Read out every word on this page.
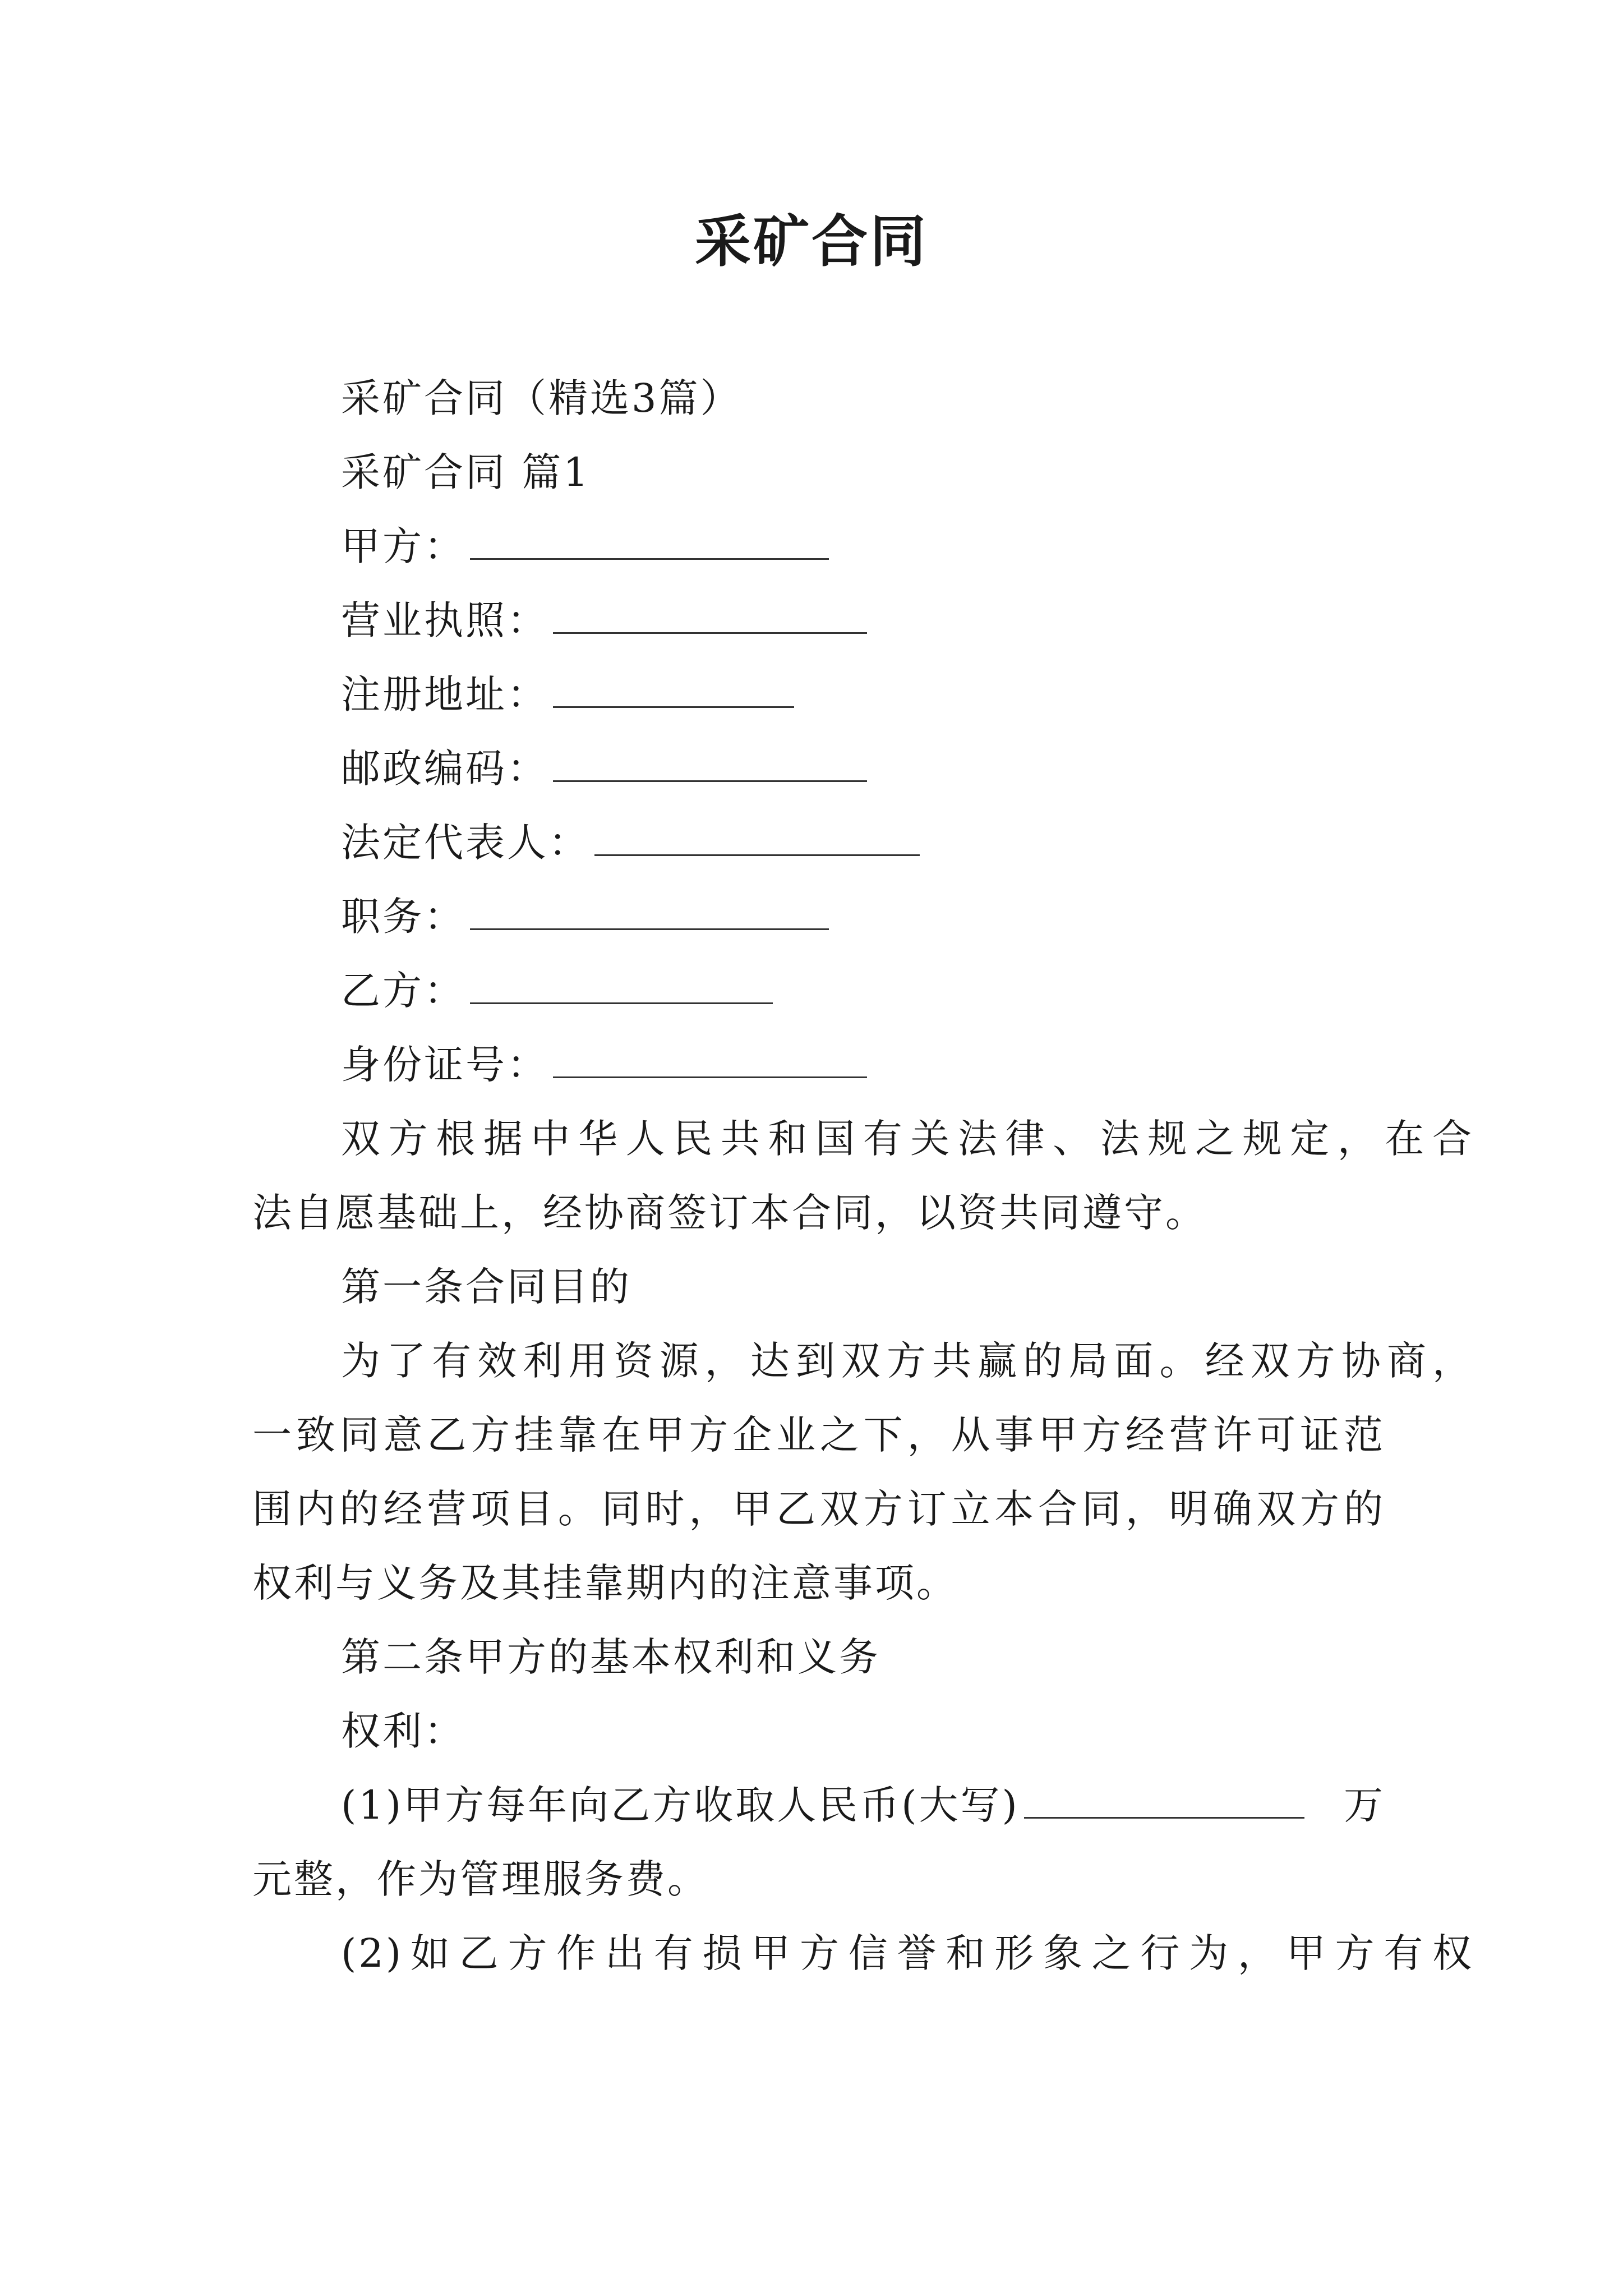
采矿合同
采矿合同（精选3篇）
采矿合同 篇1
甲方：
营业执照：
注册地址：
邮政编码：
法定代表人：
职务：
乙方：
身份证号：
双方根据中华人民共和国有关法律、法规之规定，在合
法自愿基础上，经协商签订本合同，以资共同遵守。
第一条合同目的
为了有效利用资源，达到双方共赢的局面。经双方协商，
一致同意乙方挂靠在甲方企业之下，从事甲方经营许可证范
围内的经营项目。同时，甲乙双方订立本合同，明确双方的
权利与义务及其挂靠期内的注意事项。
第二条甲方的基本权利和义务
权利：
(1)甲方每年向乙方收取人民币(大写)	万
元整，作为管理服务费。
(2)如乙方作出有损甲方信誉和形象之行为，甲方有权
